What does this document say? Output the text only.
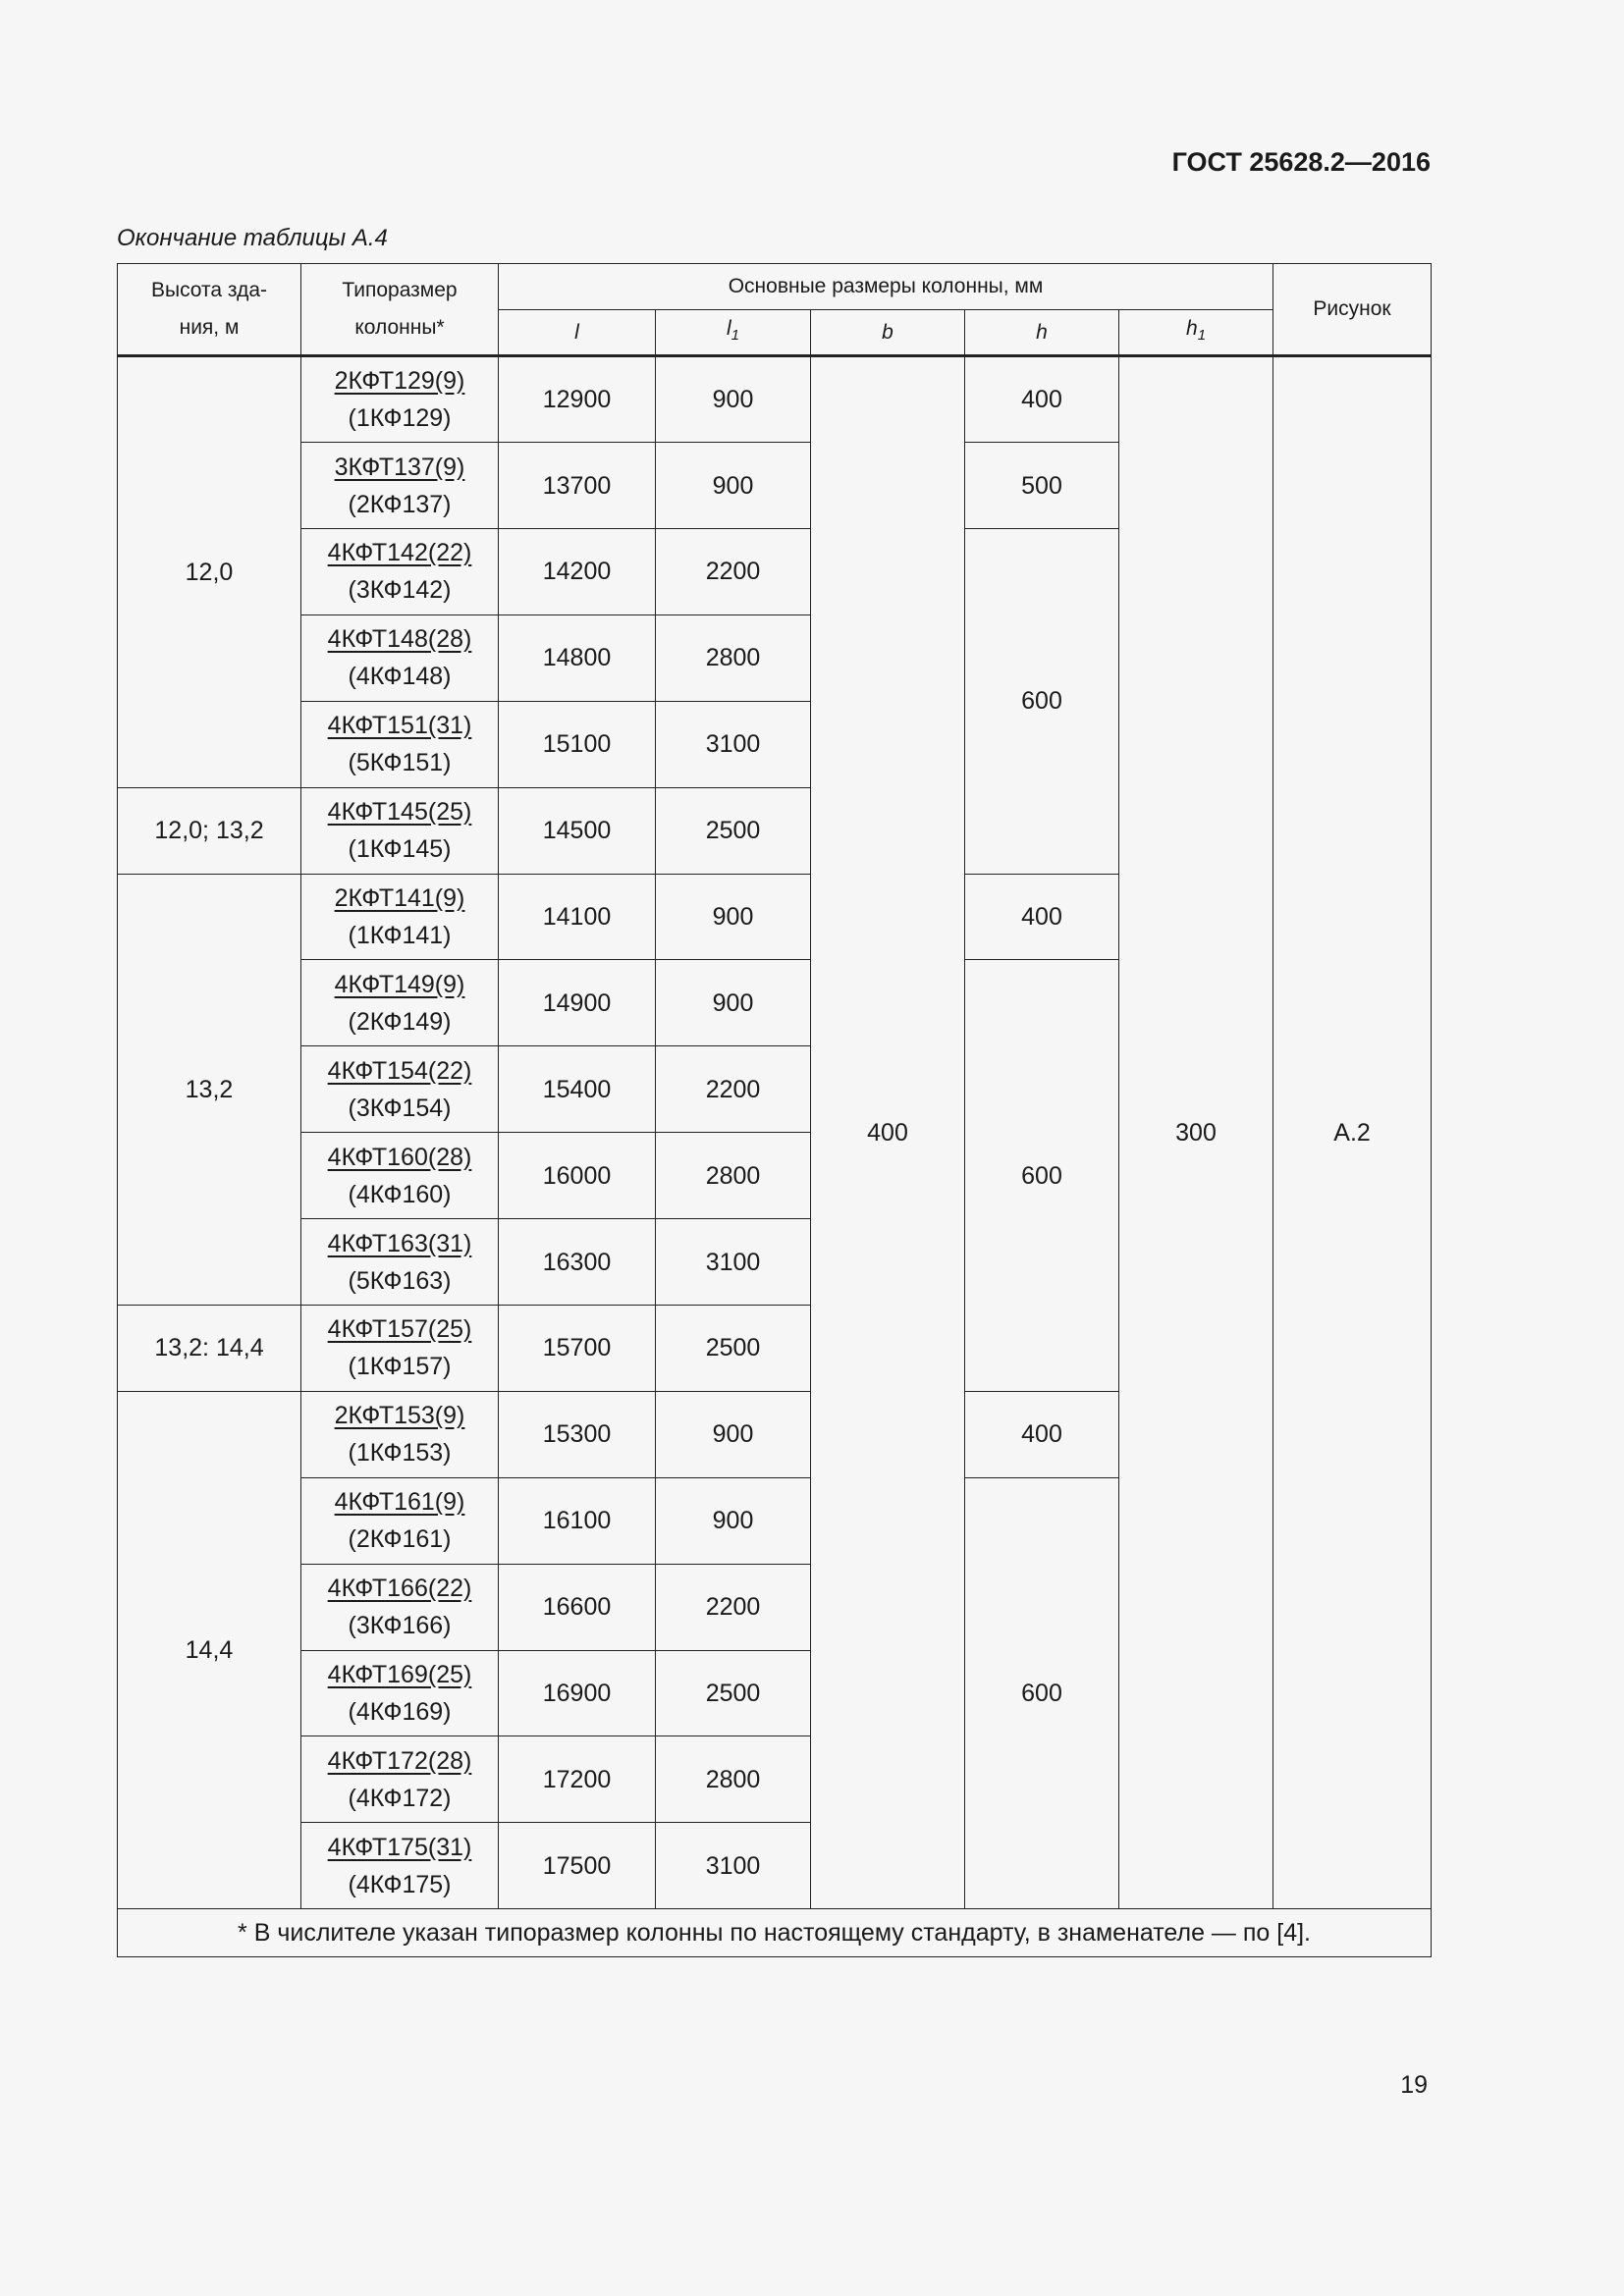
ГОСТ 25628.2—2016
Окончание таблицы А.4
Высота зда-
ния, м	Типоразмер
колонны*	Основные размеры колонны, мм					Рисунок
		l	$l_1$	b	h	$h_1$
12,0	2КФТ129(9)
(1КФ129)	12900	900	400	400	300	А.2

	3КФТ137(9)
(2КФ137)	13700	900		500		

	4КФТ142(22)
(3КФ142)	14200	2200		600		

	4КФТ148(28)
(4КФ148)	14800	2800				

	4КФТ151(31)
(5КФ151)	15100	3100				
12,0; 13,2	4КФТ145(25)
(1КФ145)	14500	2500				
13,2	2КФТ141(9)
(1КФ141)	14100	900		400		

	4КФТ149(9)
(2КФ149)	14900	900		600		

	4КФТ154(22)
(3КФ154)	15400	2200				

	4КФТ160(28)
(4КФ160)	16000	2800				

	4КФТ163(31)
(5КФ163)	16300	3100				
13,2: 14,4	4КФТ157(25)
(1КФ157)	15700	2500				
14,4	2КФТ153(9)
(1КФ153)	15300	900		400		

	4КФТ161(9)
(2КФ161)	16100	900		600		

	4КФТ166(22)
(3КФ166)	16600	2200				

	4КФТ169(25)
(4КФ169)	16900	2500				

	4КФТ172(28)
(4КФ172)	17200	2800				

	4КФТ175(31)
(4КФ175)	17500	3100				
* В числителе указан типоразмер колонны по настоящему стандарту, в знаменателе — по [4].							
19
